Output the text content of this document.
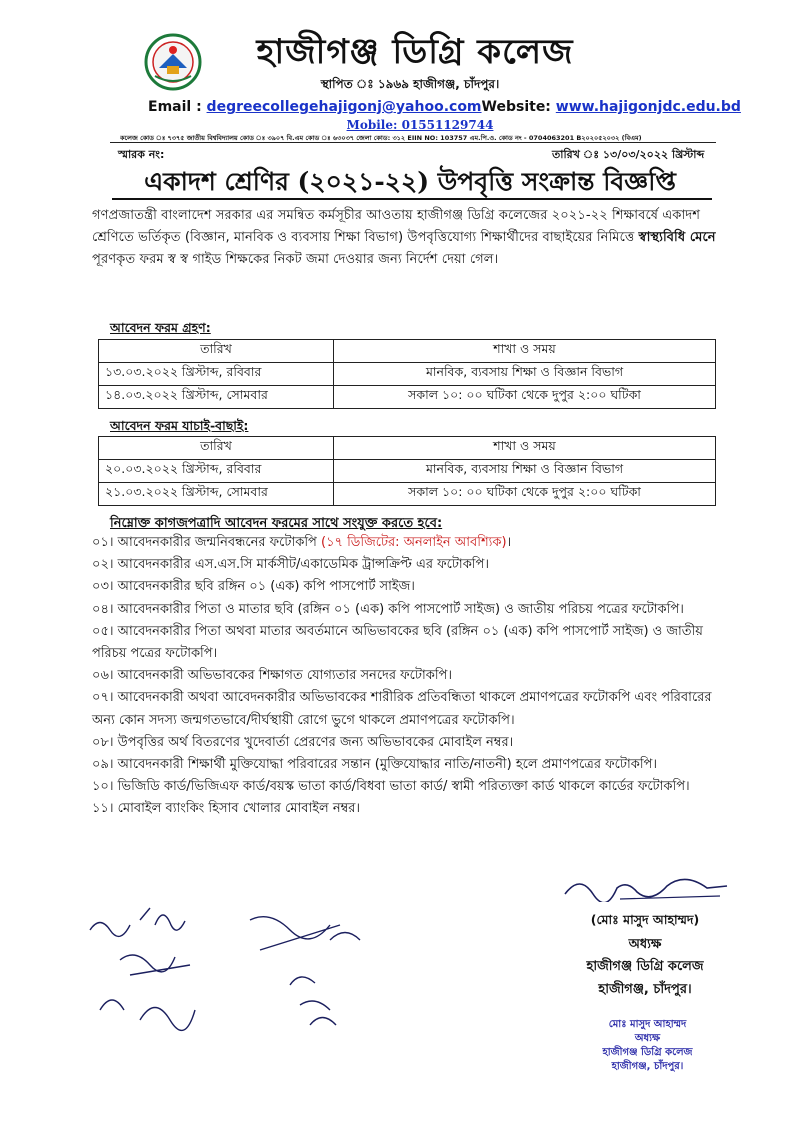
হাজীগঞ্জ ডিগ্রি কলেজ
স্থাপিত ঃ ১৯৬৯ হাজীগঞ্জ, চাঁদপুর।
Email : degreecollegehajigonj@yahoo.comWebsite: www.hajigonjdc.edu.bd
Mobile: 01551129744
কলেজ কোড ঃ ৭৩৭৫ জাতীয় বিশ্ববিদ্যালয় কোড ঃ ৩৯০৭ বি.এম কোড ঃ ৬৩০৩৭ জেলা কোড: ৩১২ EIIN NO: 103757 এম.পি.ও. কোড নং - 0704063201 B২০২০৫২০৩২ (বিএম)
স্মারক নং:	তারিখ ঃ ১৩/০৩/২০২২ খ্রিস্টাব্দ
একাদশ শ্রেণির (২০২১-২২) উপবৃত্তি সংক্রান্ত বিজ্ঞপ্তি
গণপ্রজাতন্ত্রী বাংলাদেশ সরকার এর সমন্বিত কর্মসূচীর আওতায় হাজীগঞ্জ ডিগ্রি কলেজের ২০২১-২২ শিক্ষাবর্ষে একাদশ শ্রেণিতে ভর্তিকৃত (বিজ্ঞান, মানবিক ও ব্যবসায় শিক্ষা বিভাগ) উপবৃত্তিযোগ্য শিক্ষার্থীদের বাছাইয়ের নিমিত্তে স্বাস্থ্যবিধি মেনে পূরণকৃত ফরম স্ব স্ব গাইড শিক্ষকের নিকট জমা দেওয়ার জন্য নির্দেশ দেয়া গেল।
আবেদন ফরম গ্রহণ:
তারিখ	শাখা ও সময়
১৩.০৩.২০২২ খ্রিস্টাব্দ, রবিবার	মানবিক, ব্যবসায় শিক্ষা ও বিজ্ঞান বিভাগ
১৪.০৩.২০২২ খ্রিস্টাব্দ, সোমবার	সকাল ১০: ০০ ঘটিকা থেকে দুপুর ২:০০ ঘটিকা
আবেদন ফরম যাচাই-বাছাই:
তারিখ	শাখা ও সময়
২০.০৩.২০২২ খ্রিস্টাব্দ, রবিবার	মানবিক, ব্যবসায় শিক্ষা ও বিজ্ঞান বিভাগ
২১.০৩.২০২২ খ্রিস্টাব্দ, সোমবার	সকাল ১০: ০০ ঘটিকা থেকে দুপুর ২:০০ ঘটিকা
নিম্নোক্ত কাগজপত্রাদি আবেদন ফরমের সাথে সংযুক্ত করতে হবে:

০১। আবেদনকারীর জন্মনিবন্ধনের ফটোকপি (১৭ ডিজিটের: অনলাইন আবশ্যিক)।

০২। আবেদনকারীর এস.এস.সি মার্কসীট/একাডেমিক ট্রান্সক্রিপ্ট এর ফটোকপি।

০৩। আবেদনকারীর ছবি রঙ্গিন ০১ (এক) কপি পাসপোর্ট সাইজ।

০৪। আবেদনকারীর পিতা ও মাতার ছবি (রঙ্গিন ০১ (এক) কপি পাসপোর্ট সাইজ) ও জাতীয় পরিচয় পত্রের ফটোকপি।

০৫। আবেদনকারীর পিতা অথবা মাতার অবর্তমানে অভিভাবকের ছবি (রঙ্গিন ০১ (এক) কপি পাসপোর্ট সাইজ) ও জাতীয় পরিচয় পত্রের ফটোকপি।

০৬। আবেদনকারী অভিভাবকের শিক্ষাগত যোগ্যতার সনদের ফটোকপি।

০৭। আবেদনকারী অথবা আবেদনকারীর অভিভাবকের শারীরিক প্রতিবন্ধিতা থাকলে প্রমাণপত্রের ফটোকপি এবং পরিবারের অন্য কোন সদস্য জন্মগতভাবে/দীর্ঘস্থায়ী রোগে ভুগে থাকলে প্রমাণপত্রের ফটোকপি।

০৮। উপবৃত্তির অর্থ বিতরণের খুদেবার্তা প্রেরণের জন্য অভিভাবকের মোবাইল নম্বর।

০৯। আবেদনকারী শিক্ষার্থী মুক্তিযোদ্ধা পরিবারের সন্তান (মুক্তিযোদ্ধার নাতি/নাতনী) হলে প্রমাণপত্রের ফটোকপি।

১০। ভিজিডি কার্ড/ভিজিএফ কার্ড/বয়স্ক ভাতা কার্ড/বিধবা ভাতা কার্ড/ স্বামী পরিত্যক্তা কার্ড থাকলে কার্ডের ফটোকপি।

১১। মোবাইল ব্যাংকিং হিসাব খোলার মোবাইল নম্বর।

(মোঃ মাসুদ আহাম্মদ)
অধ্যক্ষ
হাজীগঞ্জ ডিগ্রি কলেজ
হাজীগঞ্জ, চাঁদপুর।
মোঃ মাসুদ আহাম্মদ
অধ্যক্ষ
হাজীগঞ্জ ডিগ্রি কলেজ
হাজীগঞ্জ, চাঁদপুর।
